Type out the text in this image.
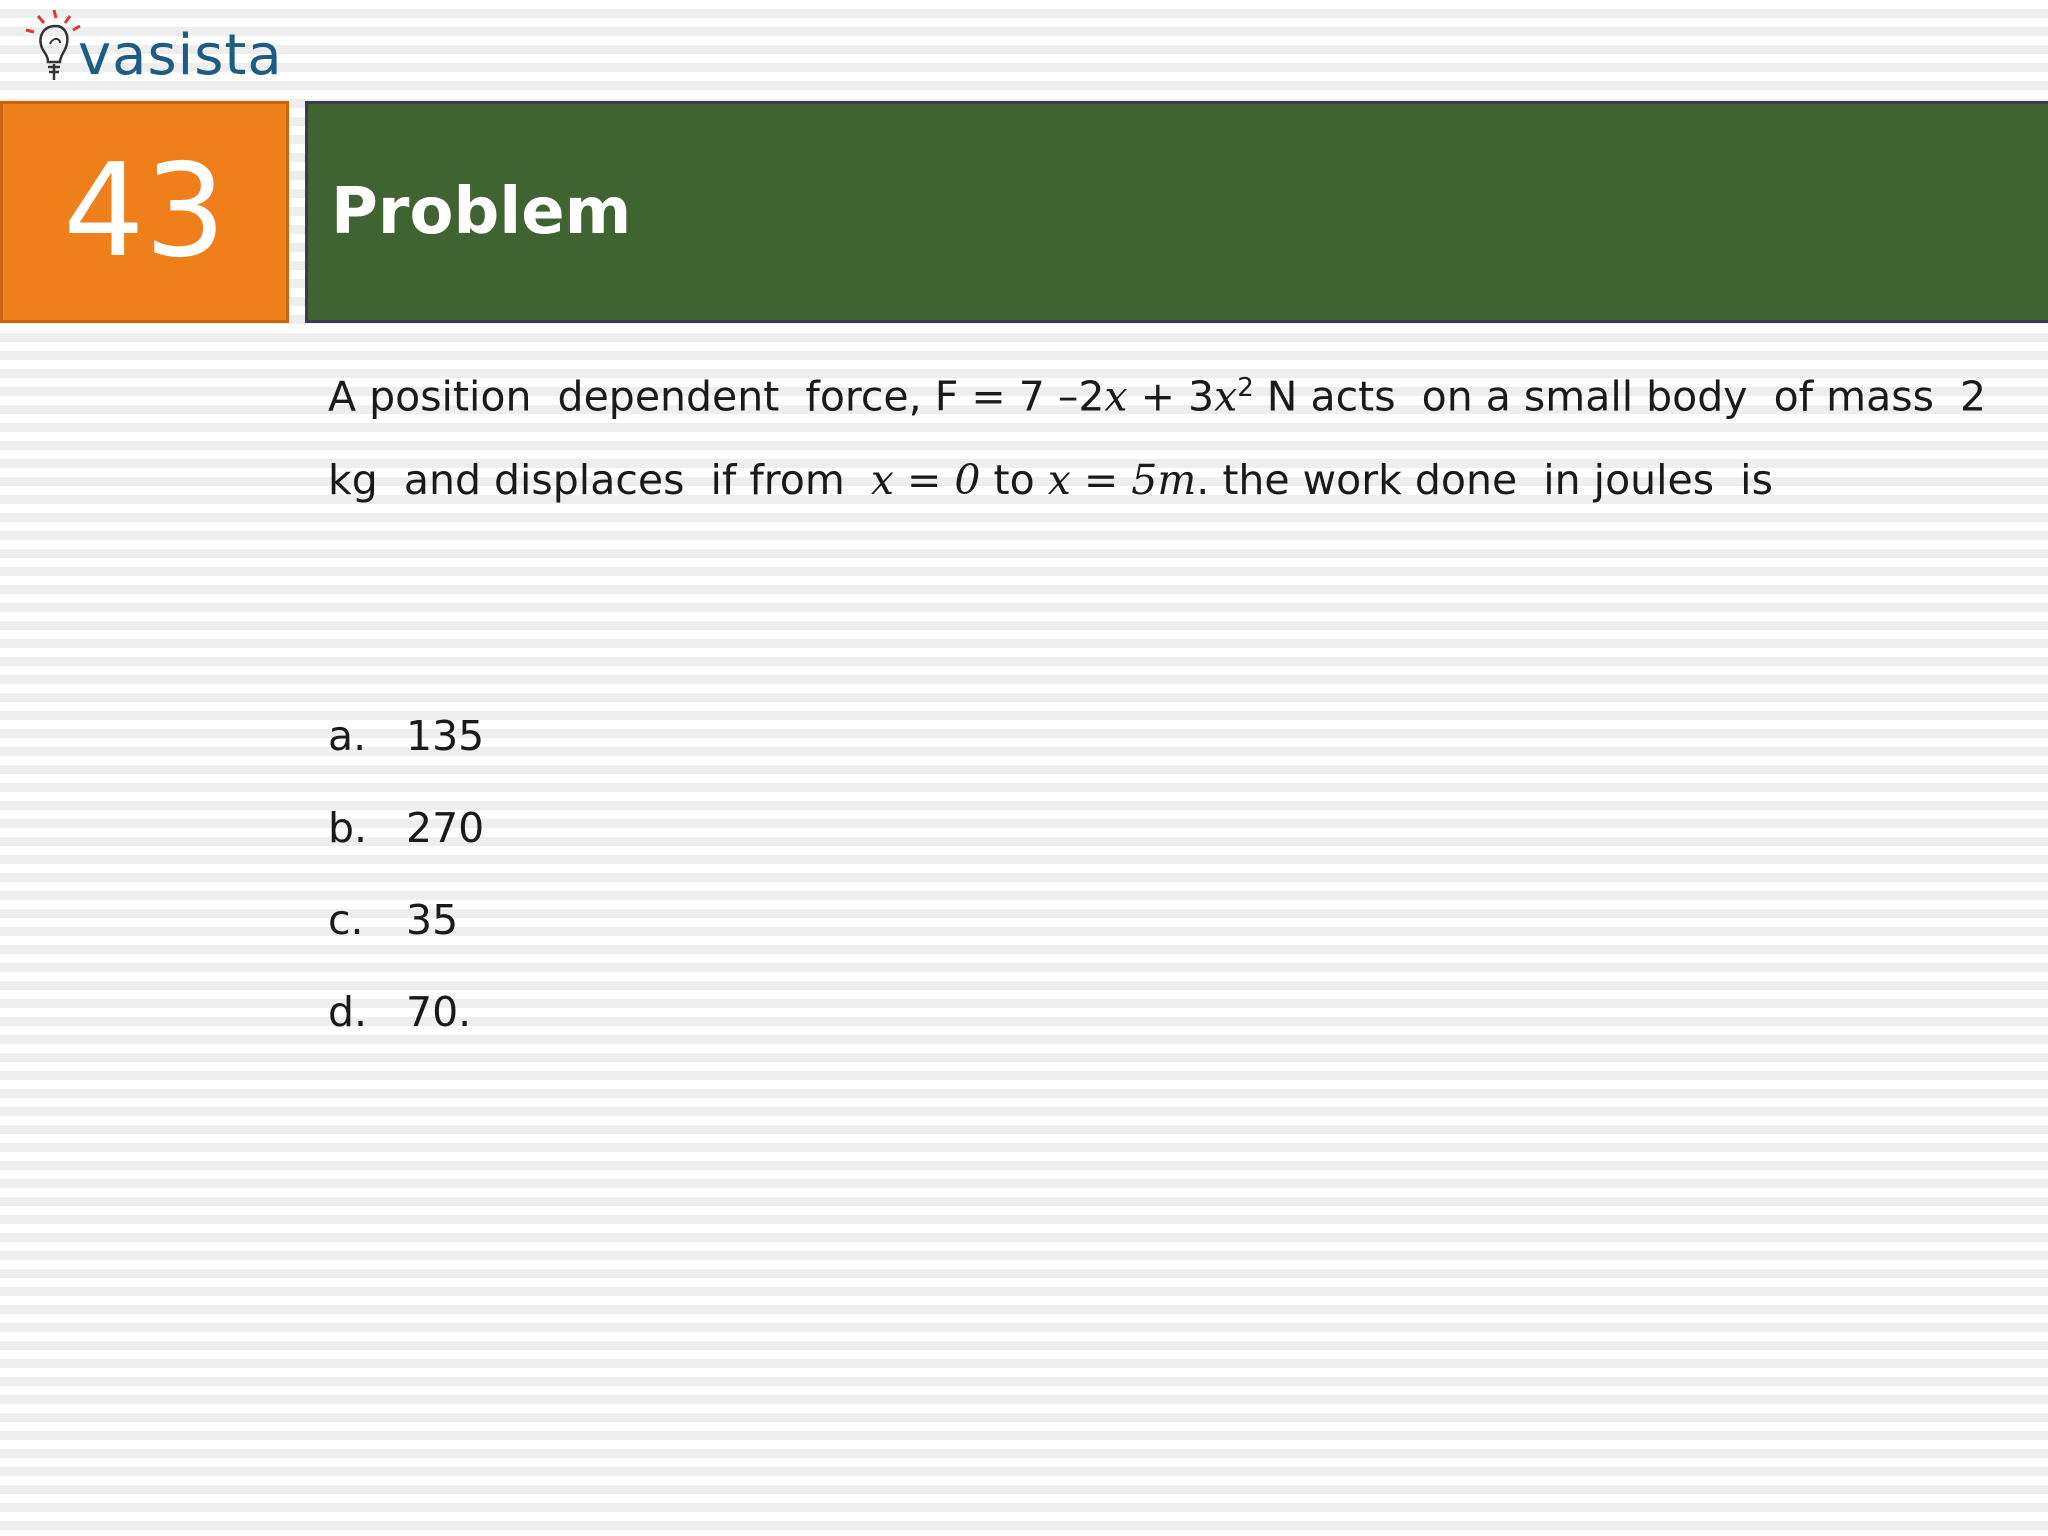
vasista
43 Problem
A position  dependent  force, F = 7 $-2x + 3x^2$ N acts  on a small body  of mass  2
kg  and displaces  if from  x = 0 to x = 5m. the work done  in joules  is
a. 135
b. 270
c.	35
d. 70.
